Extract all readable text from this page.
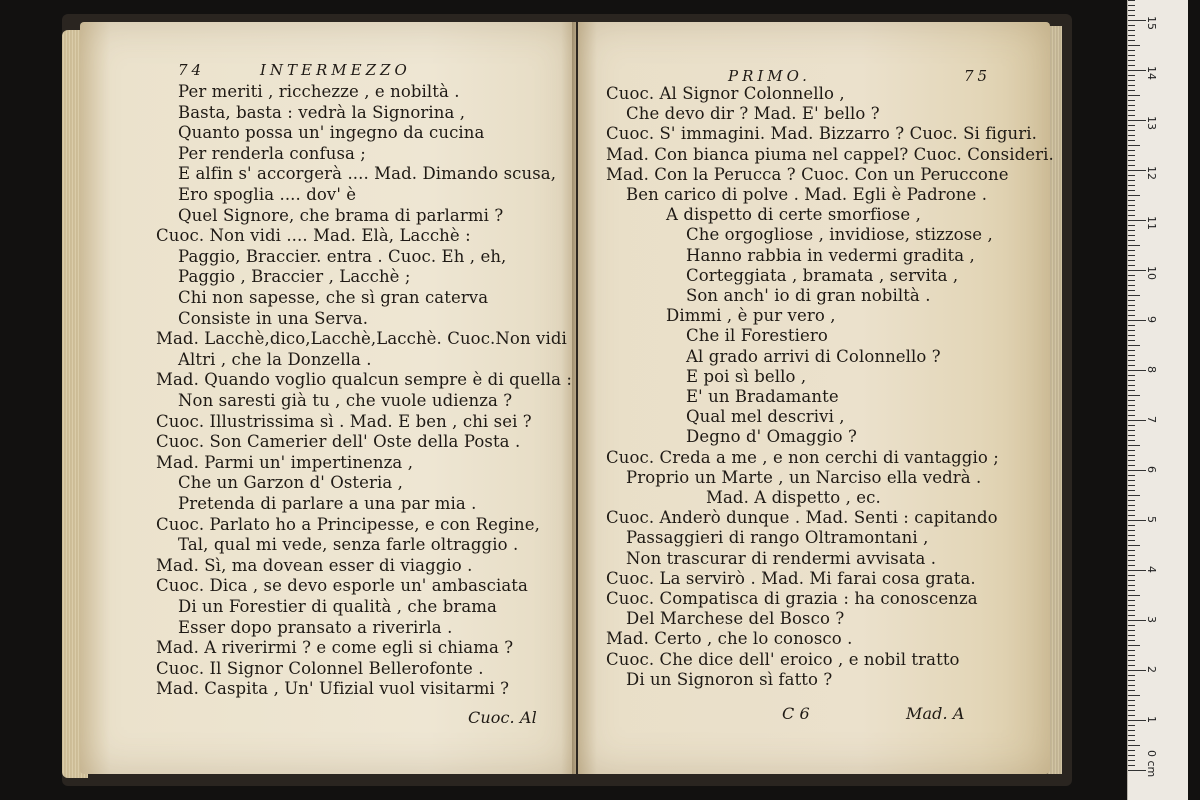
74	INTERMEZZO
Per meriti , ricchezze , e nobiltà .
Basta, basta : vedrà la Signorina ,
Quanto possa un' ingegno da cucina
Per renderla confusa ;
E alfin s' accorgerà .... Mad. Dimando scusa,
Ero spoglia .... dov' è
Quel Signore, che brama di parlarmi ?
Cuoc. Non vidi .... Mad. Elà, Lacchè :
Paggio, Braccier. entra . Cuoc. Eh , eh,
Paggio , Braccier , Lacchè ;
Chi non sapesse, che sì gran caterva
Consiste in una Serva.
Mad. Lacchè,dico,Lacchè,Lacchè. Cuoc.Non vidi
Altri , che la Donzella .
Mad. Quando voglio qualcun sempre è di quella :
Non saresti già tu , che vuole udienza ?
Cuoc. Illustrissima sì . Mad. E ben , chi sei ?
Cuoc. Son Camerier dell' Oste della Posta .
Mad. Parmi un' impertinenza ,
Che un Garzon d' Osteria ,
Pretenda di parlare a una par mia .
Cuoc. Parlato ho a Principesse, e con Regine,
Tal, qual mi vede, senza farle oltraggio .
Mad. Sì, ma dovean esser di viaggio .
Cuoc. Dica , se devo esporle un' ambasciata
Di un Forestier di qualità , che brama
Esser dopo pransato a riverirla .
Mad. A riverirmi ? e come egli si chiama ?
Cuoc. Il Signor Colonnel Bellerofonte .
Mad. Caspita , Un' Ufizial vuol visitarmi ?
Cuoc. Al
PRIMO.	75
Cuoc. Al Signor Colonnello ,
Che devo dir ? Mad. E' bello ?
Cuoc. S' immagini. Mad. Bizzarro ? Cuoc. Si figuri.
Mad. Con bianca piuma nel cappel? Cuoc. Consideri.
Mad. Con la Perucca ? Cuoc. Con un Peruccone
Ben carico di polve . Mad. Egli è Padrone .
A dispetto di certe smorfiose ,
Che orgogliose , invidiose, stizzose ,
Hanno rabbia in vedermi gradita ,
Corteggiata , bramata , servita ,
Son anch' io di gran nobiltà .
Dimmi , è pur vero ,
Che il Forestiero
Al grado arrivi di Colonnello ?
E poi sì bello ,
E' un Bradamante
Qual mel descrivi ,
Degno d' Omaggio ?
Cuoc. Creda a me , e non cerchi di vantaggio ;
Proprio un Marte , un Narciso ella vedrà .
Mad. A dispetto , ec.
Cuoc. Anderò dunque . Mad. Senti : capitando
Passaggieri di rango Oltramontani ,
Non trascurar di rendermi avvisata .
Cuoc. La servirò . Mad. Mi farai cosa grata.
Cuoc. Compatisca di grazia : ha conoscenza
Del Marchese del Bosco ?
Mad. Certo , che lo conosco .
Cuoc. Che dice dell' eroico , e nobil tratto
Di un Signoron sì fatto ?
C 6	Mad. A	1
2
3
4
5
6
7
8
9
10
11
12
13
14
15
0 cm
